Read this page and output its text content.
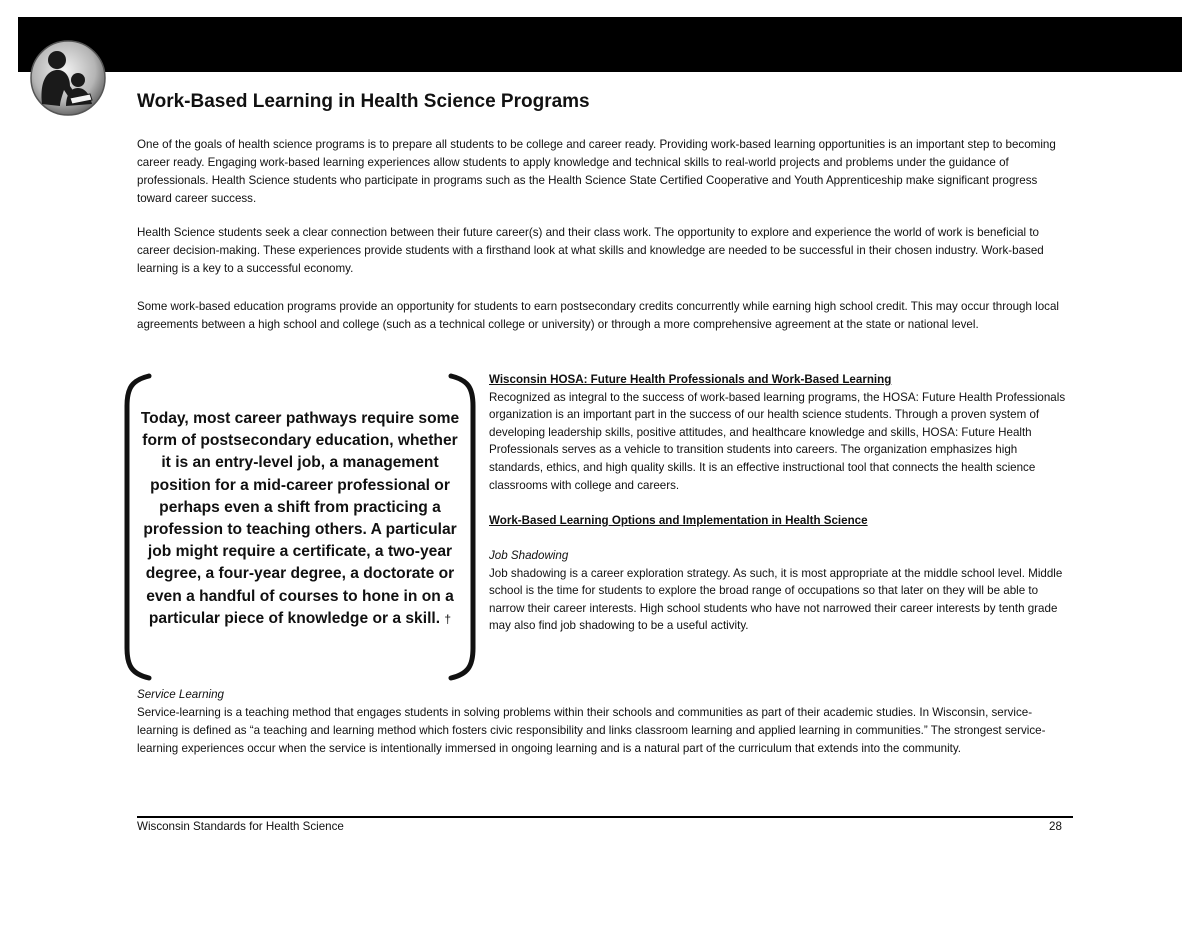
Work-Based Learning in Health Science Programs

One of the goals of health science programs is to prepare all students to be college and career ready. Providing work-based learning opportunities is an important step to becoming career ready. Engaging work-based learning experiences allow students to apply knowledge and technical skills to real-world projects and problems under the guidance of professionals. Health Science students who participate in programs such as the Health Science State Certified Cooperative and Youth Apprenticeship make significant progress toward career success.

Health Science students seek a clear connection between their future career(s) and their class work. The opportunity to explore and experience the world of work is beneficial to career decision-making. These experiences provide students with a firsthand look at what skills and knowledge are needed to be successful in their chosen industry. Work-based learning is a key to a successful economy.

Some work-based education programs provide an opportunity for students to earn postsecondary credits concurrently while earning high school credit. This may occur through local agreements between a high school and college (such as a technical college or university) or through a more comprehensive agreement at the state or national level.

Today, most career pathways require some form of postsecondary education, whether it is an entry-level job, a management position for a mid-career professional or perhaps even a shift from practicing a profession to teaching others. A particular job might require a certificate, a two-year degree, a four-year degree, a doctorate or even a handful of courses to hone in on a particular piece of knowledge or a skill. †

Wisconsin HOSA: Future Health Professionals and Work-Based Learning

Recognized as integral to the success of work-based learning programs, the HOSA: Future Health Professionals organization is an important part in the success of our health science students. Through a proven system of developing leadership skills, positive attitudes, and healthcare knowledge and skills, HOSA: Future Health Professionals serves as a vehicle to transition students into careers. The organization emphasizes high standards, ethics, and high quality skills. It is an effective instructional tool that connects the health science classrooms with college and careers.

Work-Based Learning Options and Implementation in Health Science

Job Shadowing

Job shadowing is a career exploration strategy. As such, it is most appropriate at the middle school level. Middle school is the time for students to explore the broad range of occupations so that later on they will be able to narrow their career interests. High school students who have not narrowed their career interests by tenth grade may also find job shadowing to be a useful activity.

Service Learning

Service-learning is a teaching method that engages students in solving problems within their schools and communities as part of their academic studies. In Wisconsin, service-learning is defined as “a teaching and learning method which fosters civic responsibility and links classroom learning and applied learning in communities.” The strongest service-learning experiences occur when the service is intentionally immersed in ongoing learning and is a natural part of the curriculum that extends into the community.

Wisconsin Standards for Health Science	28
